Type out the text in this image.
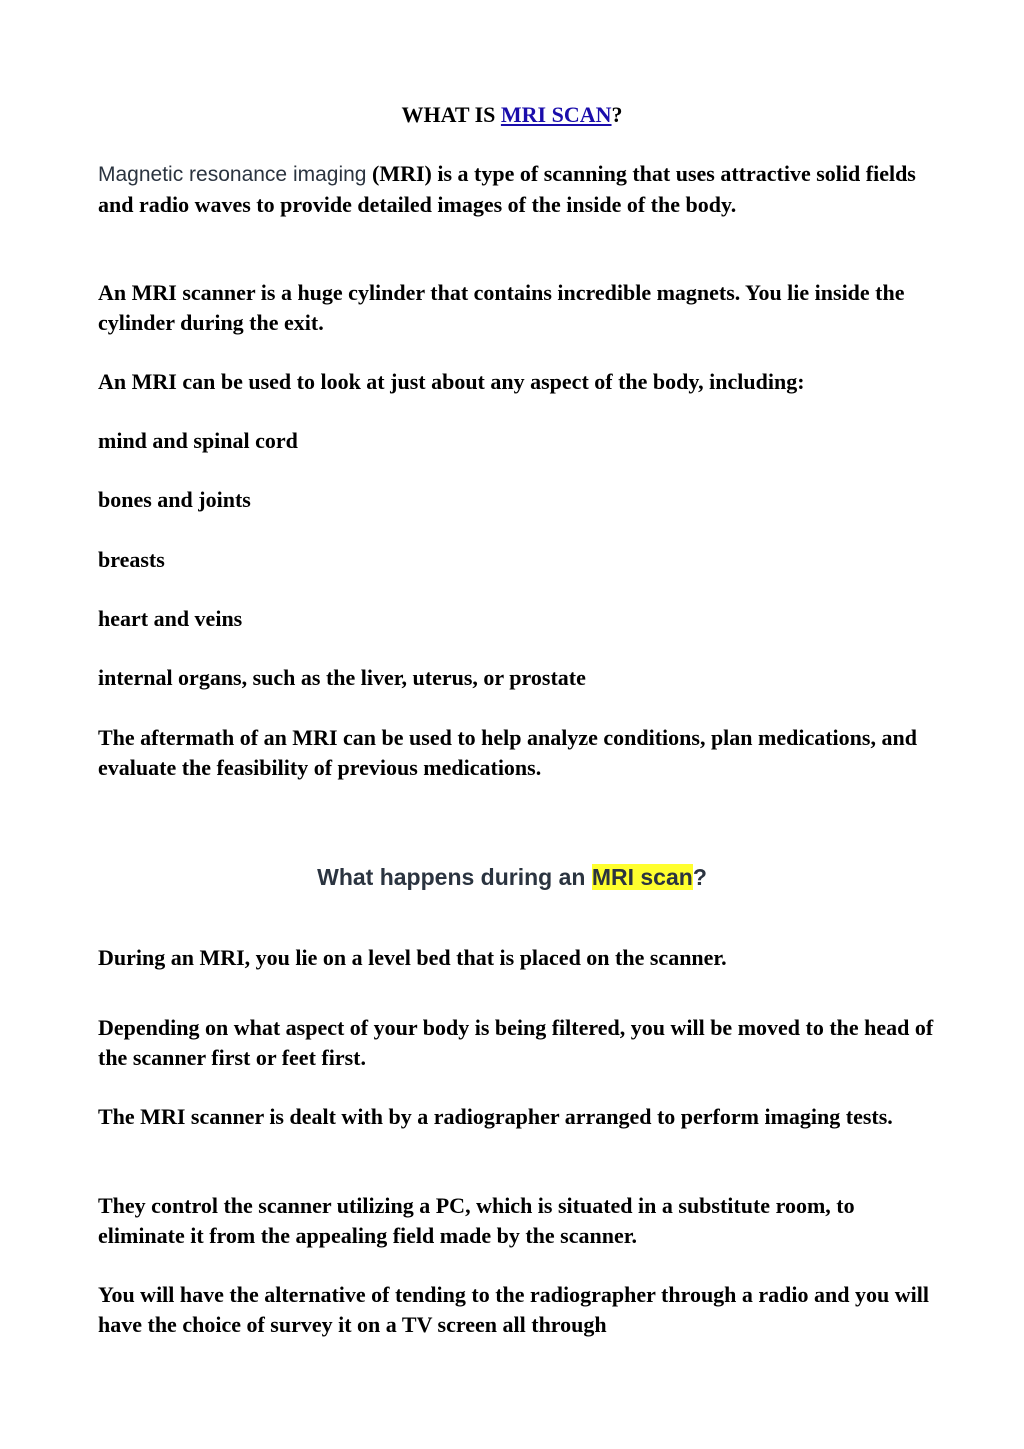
WHAT IS MRI SCAN?
Magnetic resonance imaging (MRI) is a type of scanning that uses attractive solid fields and radio waves to provide detailed images of the inside of the body.
An MRI scanner is a huge cylinder that contains incredible magnets. You lie inside the cylinder during the exit.
An MRI can be used to look at just about any aspect of the body, including:
mind and spinal cord
bones and joints
breasts
heart and veins
internal organs, such as the liver, uterus, or prostate
The aftermath of an MRI can be used to help analyze conditions, plan medications, and evaluate the feasibility of previous medications.
What happens during an MRI scan?
During an MRI, you lie on a level bed that is placed on the scanner.
Depending on what aspect of your body is being filtered, you will be moved to the head of the scanner first or feet first.
The MRI scanner is dealt with by a radiographer arranged to perform imaging tests.
They control the scanner utilizing a PC, which is situated in a substitute room, to eliminate it from the appealing field made by the scanner.
You will have the alternative of tending to the radiographer through a radio and you will have the choice of survey it on a TV screen all through
